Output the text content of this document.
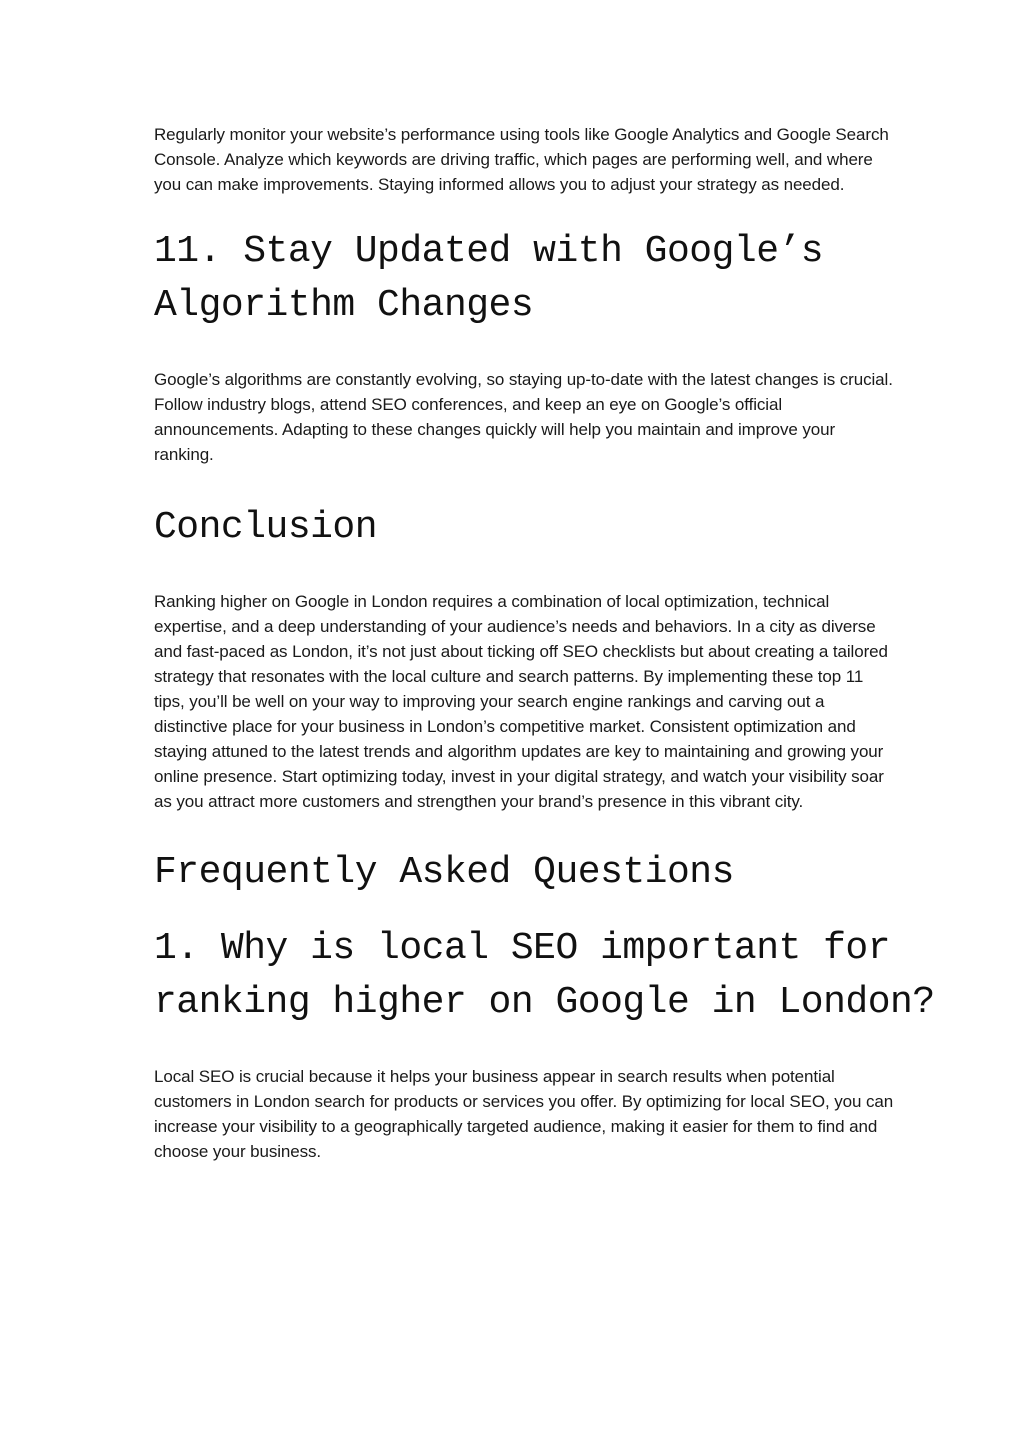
Regularly monitor your website’s performance using tools like Google Analytics and Google Search Console. Analyze which keywords are driving traffic, which pages are performing well, and where you can make improvements. Staying informed allows you to adjust your strategy as needed.

11. Stay Updated with Google’s
Algorithm Changes

Google’s algorithms are constantly evolving, so staying up-to-date with the latest changes is crucial. Follow industry blogs, attend SEO conferences, and keep an eye on Google’s official announcements. Adapting to these changes quickly will help you maintain and improve your ranking.

Conclusion

Ranking higher on Google in London requires a combination of local optimization, technical expertise, and a deep understanding of your audience’s needs and behaviors. In a city as diverse and fast-paced as London, it’s not just about ticking off SEO checklists but about creating a tailored strategy that resonates with the local culture and search patterns. By implementing these top 11 tips, you’ll be well on your way to improving your search engine rankings and carving out a distinctive place for your business in London’s competitive market. Consistent optimization and staying attuned to the latest trends and algorithm updates are key to maintaining and growing your online presence. Start optimizing today, invest in your digital strategy, and watch your visibility soar as you attract more customers and strengthen your brand’s presence in this vibrant city.

Frequently Asked Questions
1. Why is local SEO important for
ranking higher on Google in London?

Local SEO is crucial because it helps your business appear in search results when potential customers in London search for products or services you offer. By optimizing for local SEO, you can increase your visibility to a geographically targeted audience, making it easier for them to find and choose your business.
